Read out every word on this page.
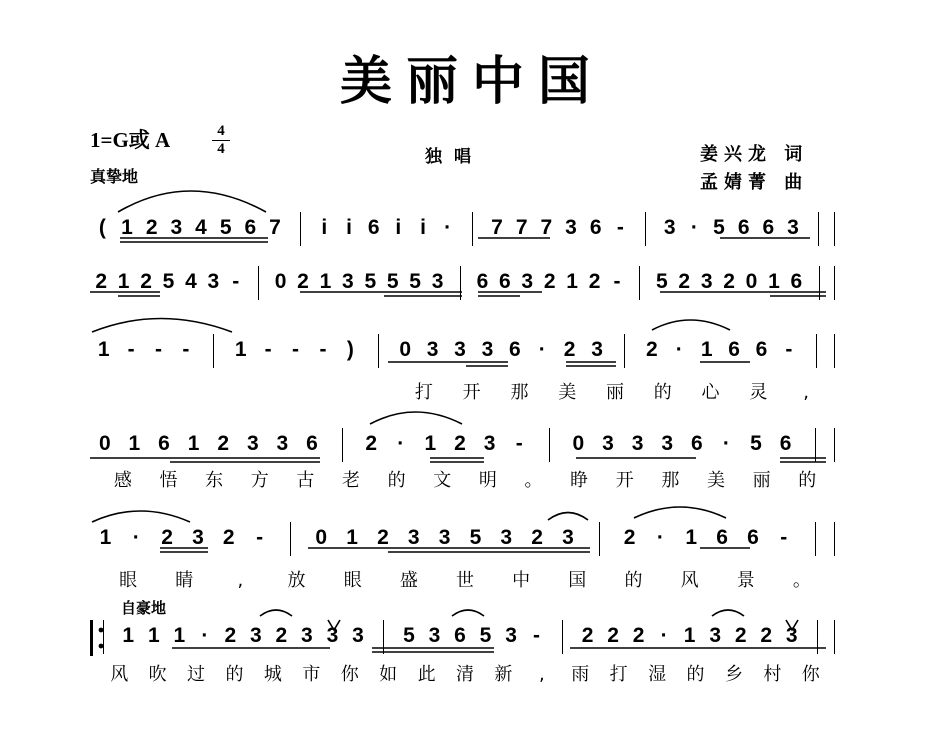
美丽中国
1=G或 A	4
4
真挚地
独唱	姜兴龙 词
孟婧菁 曲
自豪地
( 1 2 3 4 5 6 7	i i 6 i i ·	7 7 7 3 6 -	3 · 5 6 6 3
2 1 2 5 4 3 -	0 2 1 3 5 5 5 3 6 6 3 2 1 2 -	5 2 3 2 0 1 6
1 - - -	1 - - - )	0 3 3 3 6 · 2 3 2 · 1 6 6 -
打	开	那	美	丽	的	心	灵	,
0 1 6 1 2 3 3 6 2 · 1 2 3 -	0 3 3 3 6 · 5 6
感	悟	东	方	古	老	的	文	明	。	睁	开	那	美	丽	的
1	·	2 3 2	-	0 1 2 3 3 5 3 2 3 2	·	1 6 6	-
眼	睛	,	放	眼	盛	世	中	国	的	风	景	。
1 1 1 · 2 3 2 3 3 3 5 3 6 5 3 -	2 2 2 · 1 3 2 2 3
风	吹	过	的	城	市	你	如	此	清	新	,	雨	打	湿	的	乡	村	你
